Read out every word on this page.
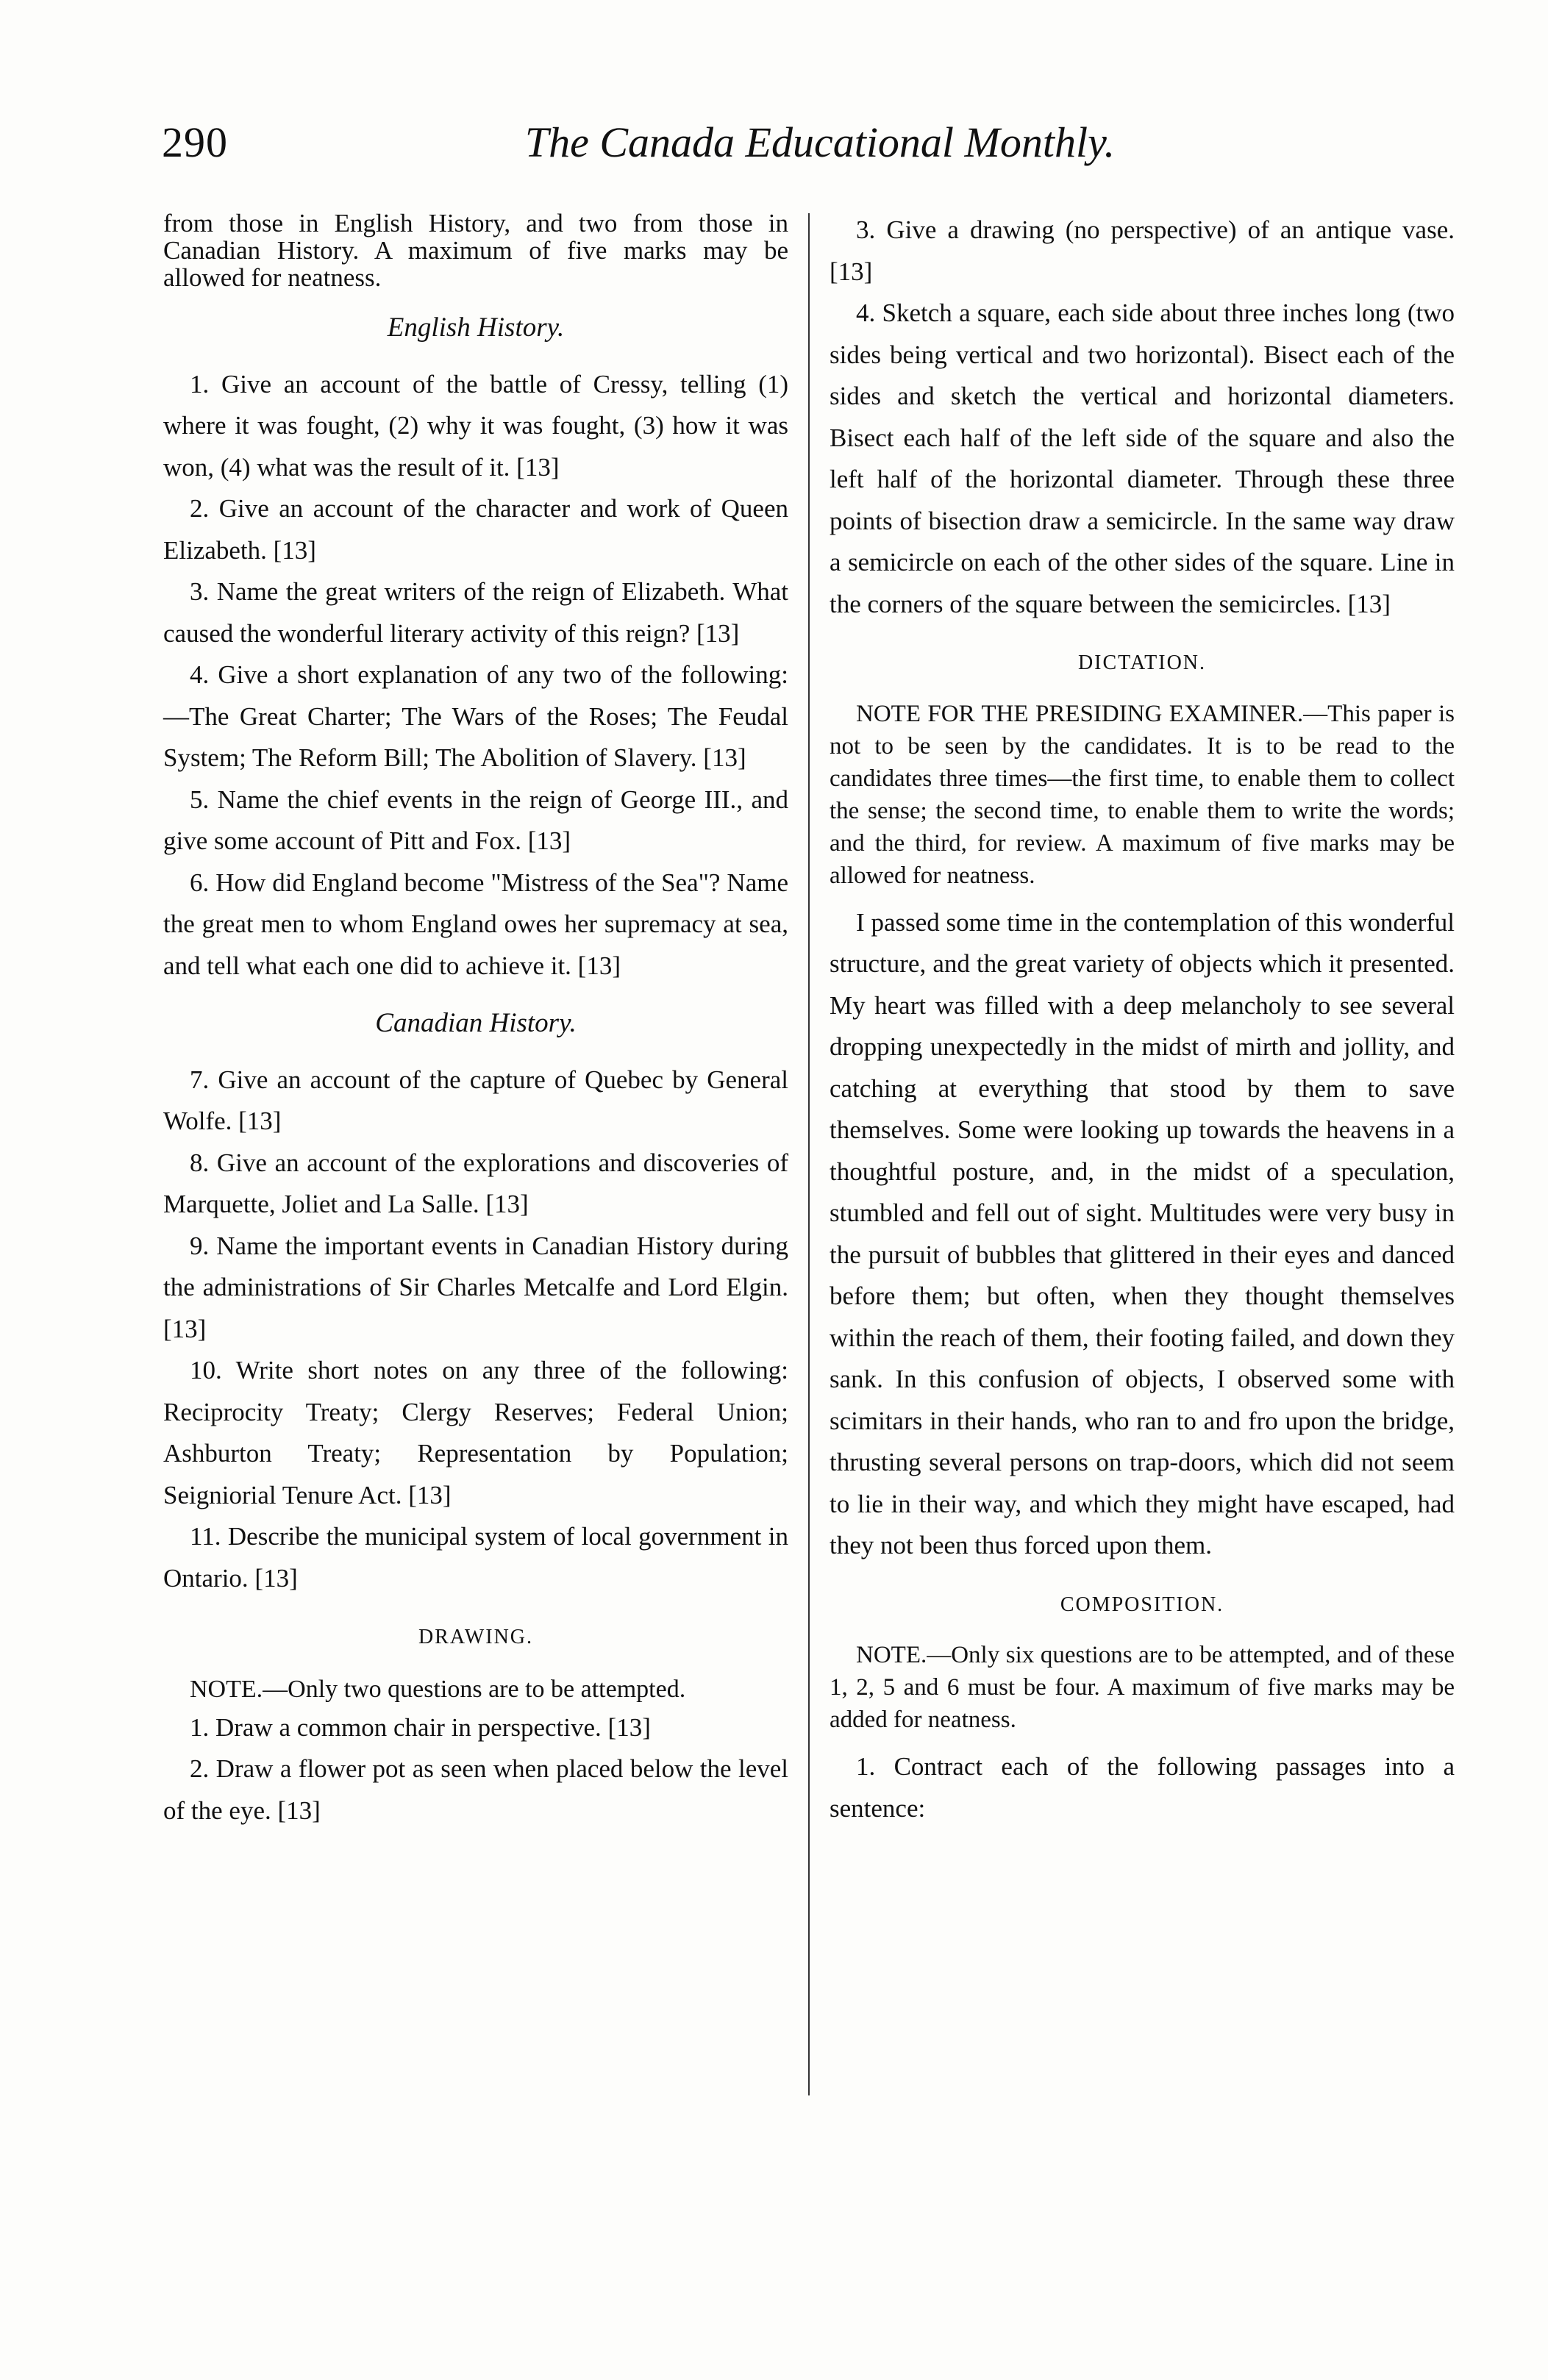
290	The Canada Educational Monthly.

from those in English History, and two from those in Canadian History. A maximum of five marks may be allowed for neatness.

English History.

1. Give an account of the battle of Cressy, telling (1) where it was fought, (2) why it was fought, (3) how it was won, (4) what was the result of it. [13]

2. Give an account of the character and work of Queen Elizabeth. [13]

3. Name the great writers of the reign of Elizabeth. What caused the wonderful literary activity of this reign? [13]

4. Give a short explanation of any two of the following:—The Great Charter; The Wars of the Roses; The Feudal System; The Reform Bill; The Abolition of Slavery. [13]

5. Name the chief events in the reign of George III., and give some account of Pitt and Fox. [13]

6. How did England become "Mistress of the Sea"? Name the great men to whom England owes her supremacy at sea, and tell what each one did to achieve it. [13]

Canadian History.

7. Give an account of the capture of Quebec by General Wolfe. [13]

8. Give an account of the explorations and discoveries of Marquette, Joliet and La Salle. [13]

9. Name the important events in Canadian History during the administrations of Sir Charles Metcalfe and Lord Elgin. [13]

10. Write short notes on any three of the following: Reciprocity Treaty; Clergy Reserves; Federal Union; Ashburton Treaty; Representation by Population; Seigniorial Tenure Act. [13]

11. Describe the municipal system of local government in Ontario. [13]

DRAWING.

NOTE.—Only two questions are to be attempted.

1. Draw a common chair in perspective. [13]

2. Draw a flower pot as seen when placed below the level of the eye. [13]

3. Give a drawing (no perspective) of an antique vase. [13]

4. Sketch a square, each side about three inches long (two sides being vertical and two horizontal). Bisect each of the sides and sketch the vertical and horizontal diameters. Bisect each half of the left side of the square and also the left half of the horizontal diameter. Through these three points of bisection draw a semicircle. In the same way draw a semicircle on each of the other sides of the square. Line in the corners of the square between the semicircles. [13]

DICTATION.

NOTE FOR THE PRESIDING EXAMINER.—This paper is not to be seen by the candidates. It is to be read to the candidates three times—the first time, to enable them to collect the sense; the second time, to enable them to write the words; and the third, for review. A maximum of five marks may be allowed for neatness.

I passed some time in the contemplation of this wonderful structure, and the great variety of objects which it presented. My heart was filled with a deep melancholy to see several dropping unexpectedly in the midst of mirth and jollity, and catching at everything that stood by them to save themselves. Some were looking up towards the heavens in a thoughtful posture, and, in the midst of a speculation, stumbled and fell out of sight. Multitudes were very busy in the pursuit of bubbles that glittered in their eyes and danced before them; but often, when they thought themselves within the reach of them, their footing failed, and down they sank. In this confusion of objects, I observed some with scimitars in their hands, who ran to and fro upon the bridge, thrusting several persons on trap-doors, which did not seem to lie in their way, and which they might have escaped, had they not been thus forced upon them.

COMPOSITION.

NOTE.—Only six questions are to be attempted, and of these 1, 2, 5 and 6 must be four. A maximum of five marks may be added for neatness.

1. Contract each of the following passages into a sentence:
